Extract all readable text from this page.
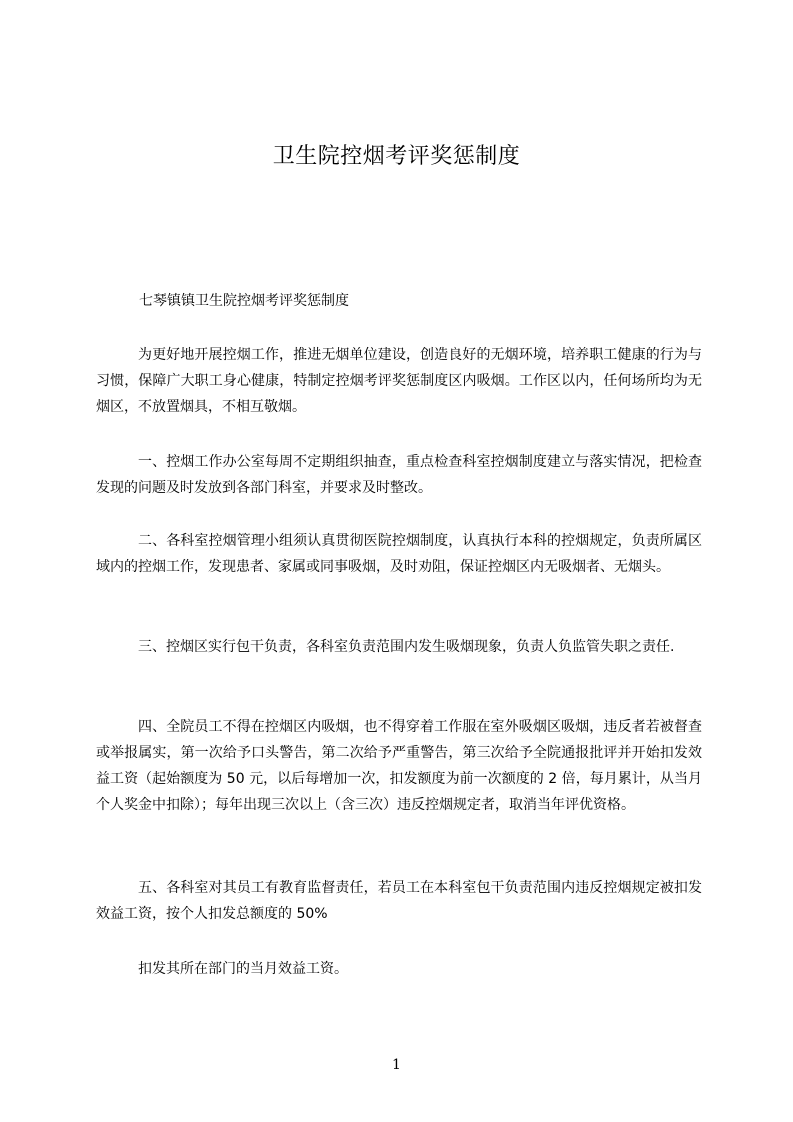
卫生院控烟考评奖惩制度
七琴镇镇卫生院控烟考评奖惩制度

为更好地开展控烟工作，推进无烟单位建设，创造良好的无烟环境，培养职工健康的行为与习惯，保障广大职工身心健康，特制定控烟考评奖惩制度区内吸烟。工作区以内，任何场所均为无烟区，不放置烟具，不相互敬烟。

一、控烟工作办公室每周不定期组织抽查，重点检查科室控烟制度建立与落实情况，把检查发现的问题及时发放到各部门科室，并要求及时整改。

二、各科室控烟管理小组须认真贯彻医院控烟制度，认真执行本科的控烟规定，负责所属区域内的控烟工作，发现患者、家属或同事吸烟，及时劝阻，保证控烟区内无吸烟者、无烟头。

三、控烟区实行包干负责，各科室负责范围内发生吸烟现象，负责人负监管失职之责任.

四、全院员工不得在控烟区内吸烟，也不得穿着工作服在室外吸烟区吸烟，违反者若被督查或举报属实，第一次给予口头警告，第二次给予严重警告，第三次给予全院通报批评并开始扣发效益工资（起始额度为 50 元，以后每增加一次，扣发额度为前一次额度的 2 倍，每月累计，从当月个人奖金中扣除）；每年出现三次以上（含三次）违反控烟规定者，取消当年评优资格。

五、各科室对其员工有教育监督责任，若员工在本科室包干负责范围内违反控烟规定被扣发效益工资，按个人扣发总额度的 50%

扣发其所在部门的当月效益工资。

1
